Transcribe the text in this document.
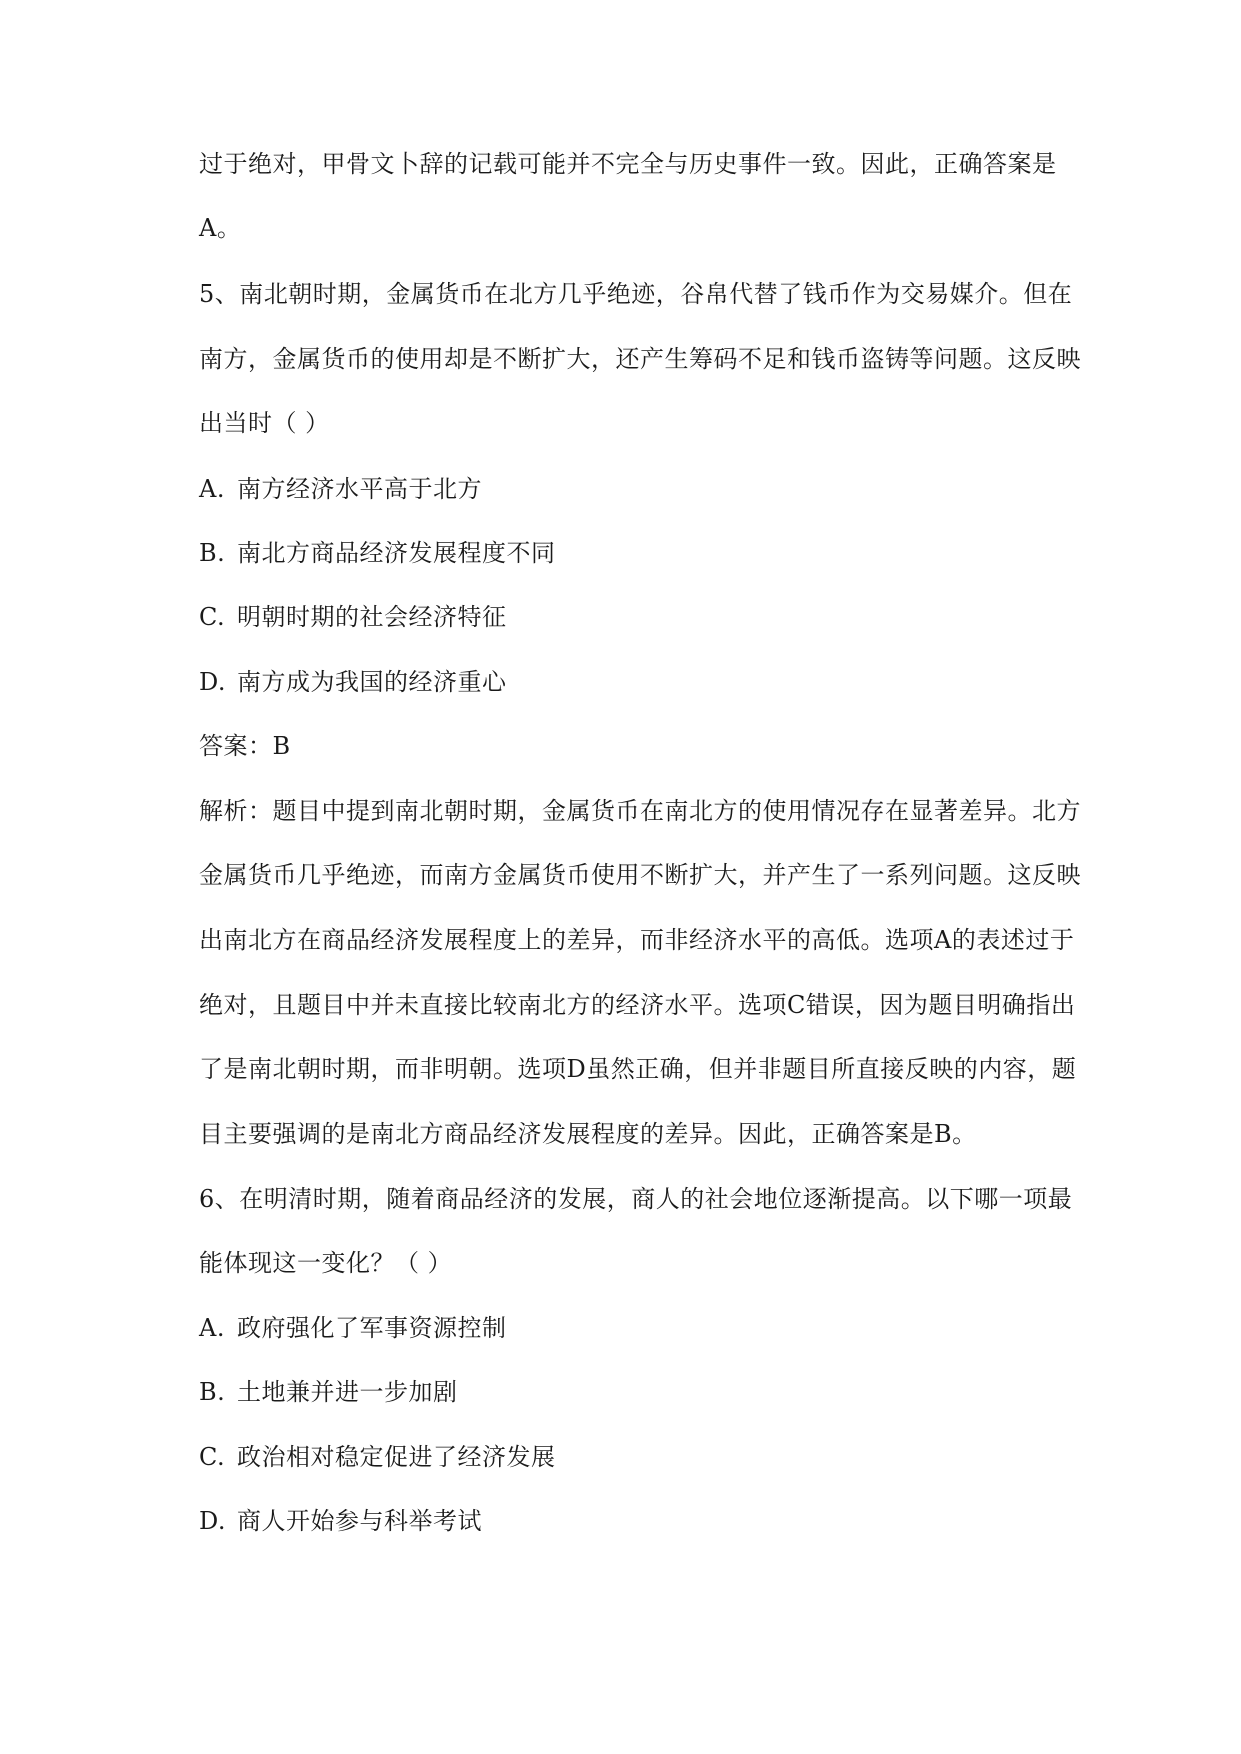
过于绝对，甲骨文卜辞的记载可能并不完全与历史事件一致。因此，正确答案是
A。
5、南北朝时期，金属货币在北方几乎绝迹，谷帛代替了钱币作为交易媒介。但在
南方，金属货币的使用却是不断扩大，还产生筹码不足和钱币盗铸等问题。这反映
出当时（ ）
A. 南方经济水平高于北方
B. 南北方商品经济发展程度不同
C. 明朝时期的社会经济特征
D. 南方成为我国的经济重心
答案：B
解析：题目中提到南北朝时期，金属货币在南北方的使用情况存在显著差异。北方
金属货币几乎绝迹，而南方金属货币使用不断扩大，并产生了一系列问题。这反映
出南北方在商品经济发展程度上的差异，而非经济水平的高低。选项A的表述过于
绝对，且题目中并未直接比较南北方的经济水平。选项C错误，因为题目明确指出
了是南北朝时期，而非明朝。选项D虽然正确，但并非题目所直接反映的内容，题
目主要强调的是南北方商品经济发展程度的差异。因此，正确答案是B。
6、在明清时期，随着商品经济的发展，商人的社会地位逐渐提高。以下哪一项最
能体现这一变化？（ ）
A. 政府强化了军事资源控制
B. 土地兼并进一步加剧
C. 政治相对稳定促进了经济发展
D. 商人开始参与科举考试
